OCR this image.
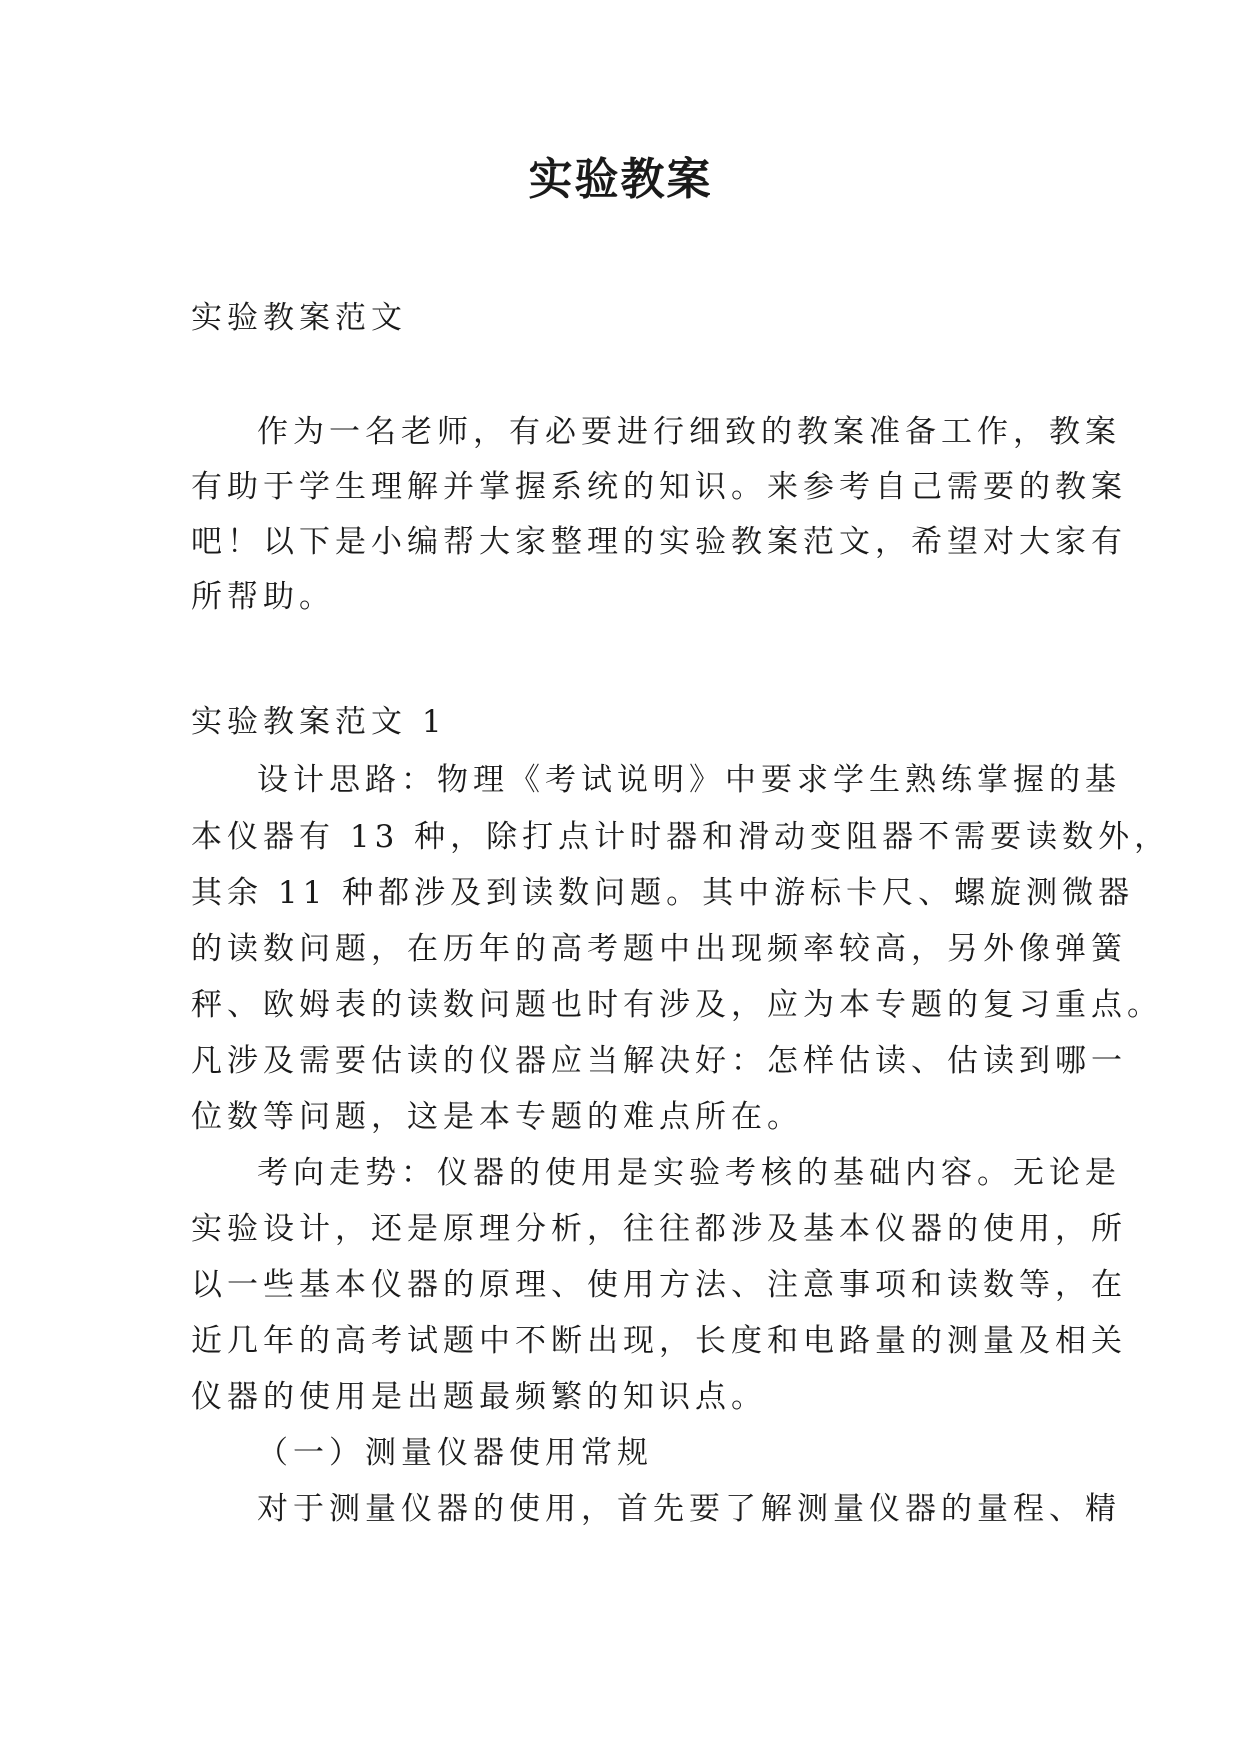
实验教案
实验教案范文
作为一名老师，有必要进行细致的教案准备工作，教案
有助于学生理解并掌握系统的知识。来参考自己需要的教案
吧！以下是小编帮大家整理的实验教案范文，希望对大家有
所帮助。
实验教案范文 1
设计思路：物理《考试说明》中要求学生熟练掌握的基
本仪器有 13 种，除打点计时器和滑动变阻器不需要读数外，
其余 11 种都涉及到读数问题。其中游标卡尺、螺旋测微器
的读数问题，在历年的高考题中出现频率较高，另外像弹簧
秤、欧姆表的读数问题也时有涉及，应为本专题的复习重点。
凡涉及需要估读的仪器应当解决好：怎样估读、估读到哪一
位数等问题，这是本专题的难点所在。
考向走势：仪器的使用是实验考核的基础内容。无论是
实验设计，还是原理分析，往往都涉及基本仪器的使用，所
以一些基本仪器的原理、使用方法、注意事项和读数等，在
近几年的高考试题中不断出现，长度和电路量的测量及相关
仪器的使用是出题最频繁的知识点。
（一）测量仪器使用常规
对于测量仪器的使用，首先要了解测量仪器的量程、精
